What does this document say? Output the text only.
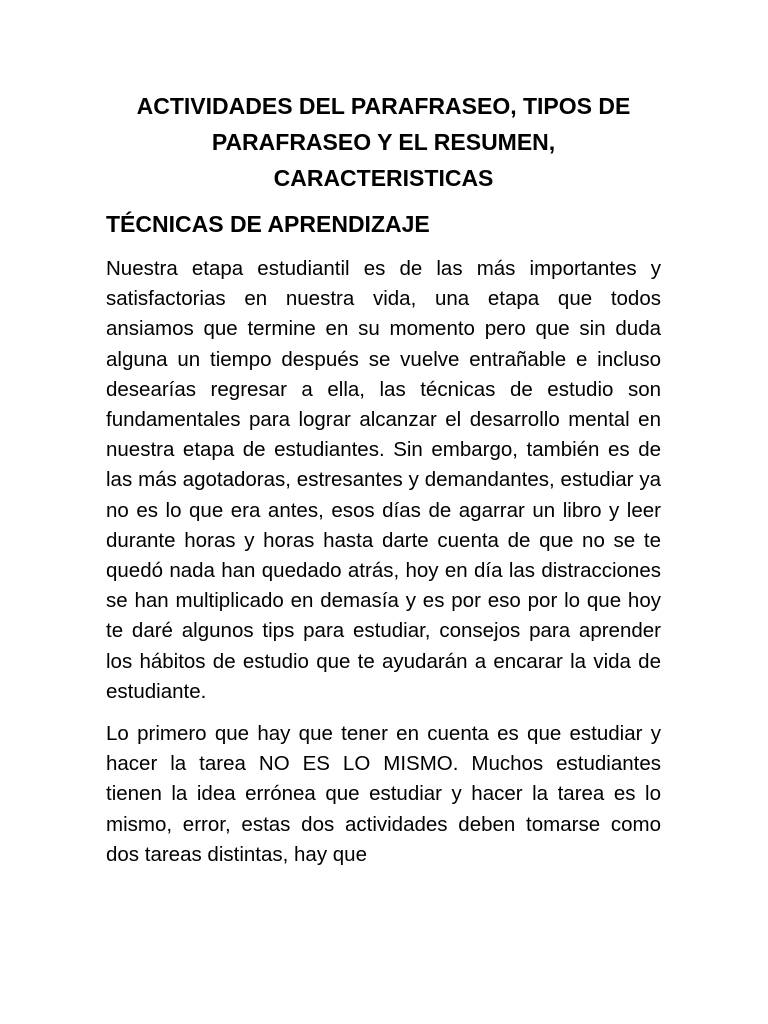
ACTIVIDADES DEL PARAFRASEO, TIPOS DE
PARAFRASEO Y EL RESUMEN,
CARACTERISTICAS
TÉCNICAS DE APRENDIZAJE

Nuestra etapa estudiantil es de las más importantes y satisfactorias en nuestra vida, una etapa que todos ansiamos que termine en su momento pero que sin duda alguna un tiempo después se vuelve entrañable e incluso desearías regresar a ella, las técnicas de estudio son fundamentales para lograr alcanzar el desarrollo mental en nuestra etapa de estudiantes. Sin embargo, también es de las más agotadoras, estresantes y demandantes, estudiar ya no es lo que era antes, esos días de agarrar un libro y leer durante horas y horas hasta darte cuenta de que no se te quedó nada han quedado atrás, hoy en día las distracciones se han multiplicado en demasía y es por eso por lo que hoy te daré algunos tips para estudiar, consejos para aprender los hábitos de estudio que te ayudarán a encarar la vida de estudiante.

Lo primero que hay que tener en cuenta es que estudiar y hacer la tarea NO ES LO MISMO. Muchos estudiantes tienen la idea errónea que estudiar y hacer la tarea es lo mismo, error, estas dos actividades deben tomarse como dos tareas distintas, hay que
